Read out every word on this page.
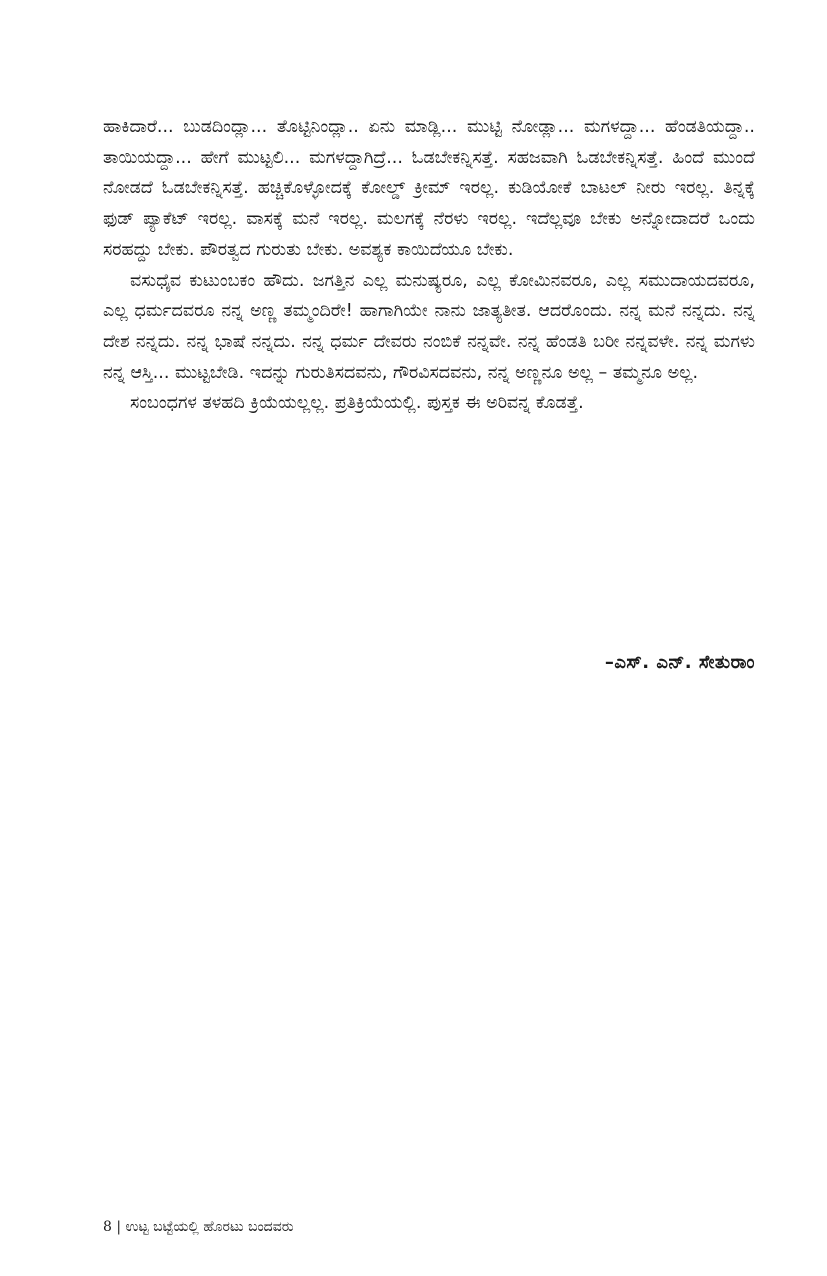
ಹಾಕಿದಾರೆ... ಬುಡದಿಂದ್ಲಾ... ತೊಟ್ಟಿನಿಂದ್ಲಾ.. ಏನು ಮಾಡ್ಲಿ... ಮುಟ್ಟಿ ನೋಡ್ಲಾ... ಮಗಳದ್ದಾ... ಹೆಂಡತಿಯದ್ದಾ.. ತಾಯಿಯದ್ದಾ... ಹೇಗೆ ಮುಟ್ಟಲಿ... ಮಗಳದ್ದಾಗಿದ್ರೆ... ಓಡಬೇಕನ್ನಿಸತ್ತೆ. ಸಹಜವಾಗಿ ಓಡಬೇಕನ್ನಿಸತ್ತೆ. ಹಿಂದೆ ಮುಂದೆ ನೋಡದೆ ಓಡಬೇಕನ್ನಿಸತ್ತೆ. ಹಚ್ಚಿಕೊಳ್ಳೋದಕ್ಕೆ ಕೋಲ್ಡ್ ಕ್ರೀಮ್ ಇರಲ್ಲ. ಕುಡಿಯೋಕೆ ಬಾಟಲ್ ನೀರು ಇರಲ್ಲ. ತಿನ್ನಕ್ಕೆ ಫುಡ್ ಪ್ಯಾಕೆಟ್ ಇರಲ್ಲ. ವಾಸಕ್ಕೆ ಮನೆ ಇರಲ್ಲ. ಮಲಗಕ್ಕೆ ನೆರಳು ಇರಲ್ಲ. ಇದೆಲ್ಲವೂ ಬೇಕು ಅನ್ನೋದಾದರೆ ಒಂದು ಸರಹದ್ದು ಬೇಕು. ಪೌರತ್ವದ ಗುರುತು ಬೇಕು. ಅವಶ್ಯಕ ಕಾಯಿದೆಯೂ ಬೇಕು.

ವಸುಧೈವ ಕುಟುಂಬಕಂ ಹೌದು. ಜಗತ್ತಿನ ಎಲ್ಲ ಮನುಷ್ಯರೂ, ಎಲ್ಲ ಕೋಮಿನವರೂ, ಎಲ್ಲ ಸಮುದಾಯದವರೂ, ಎಲ್ಲ ಧರ್ಮದವರೂ ನನ್ನ ಅಣ್ಣ ತಮ್ಮಂದಿರೇ! ಹಾಗಾಗಿಯೇ ನಾನು ಜಾತ್ಯತೀತ. ಆದರೊಂದು. ನನ್ನ ಮನೆ ನನ್ನದು. ನನ್ನ ದೇಶ ನನ್ನದು. ನನ್ನ ಭಾಷೆ ನನ್ನದು. ನನ್ನ ಧರ್ಮ ದೇವರು ನಂಬಿಕೆ ನನ್ನವೇ. ನನ್ನ ಹೆಂಡತಿ ಬರೀ ನನ್ನವಳೇ. ನನ್ನ ಮಗಳು ನನ್ನ ಆಸ್ತಿ... ಮುಟ್ಟಬೇಡಿ. ಇದನ್ನು ಗುರುತಿಸದವನು, ಗೌರವಿಸದವನು, ನನ್ನ ಅಣ್ಣನೂ ಅಲ್ಲ – ತಮ್ಮನೂ ಅಲ್ಲ.

ಸಂಬಂಧಗಳ ತಳಹದಿ ಕ್ರಿಯೆಯಲ್ಲಲ್ಲ. ಪ್ರತಿಕ್ರಿಯೆಯಲ್ಲಿ. ಪುಸ್ತಕ ಈ ಅರಿವನ್ನ ಕೊಡತ್ತೆ.

–ಎಸ್. ಎನ್. ಸೇತುರಾಂ
8 | ಉಟ್ಟ ಬಟ್ಟೆಯಲ್ಲಿ ಹೊರಟು ಬಂದವರು
